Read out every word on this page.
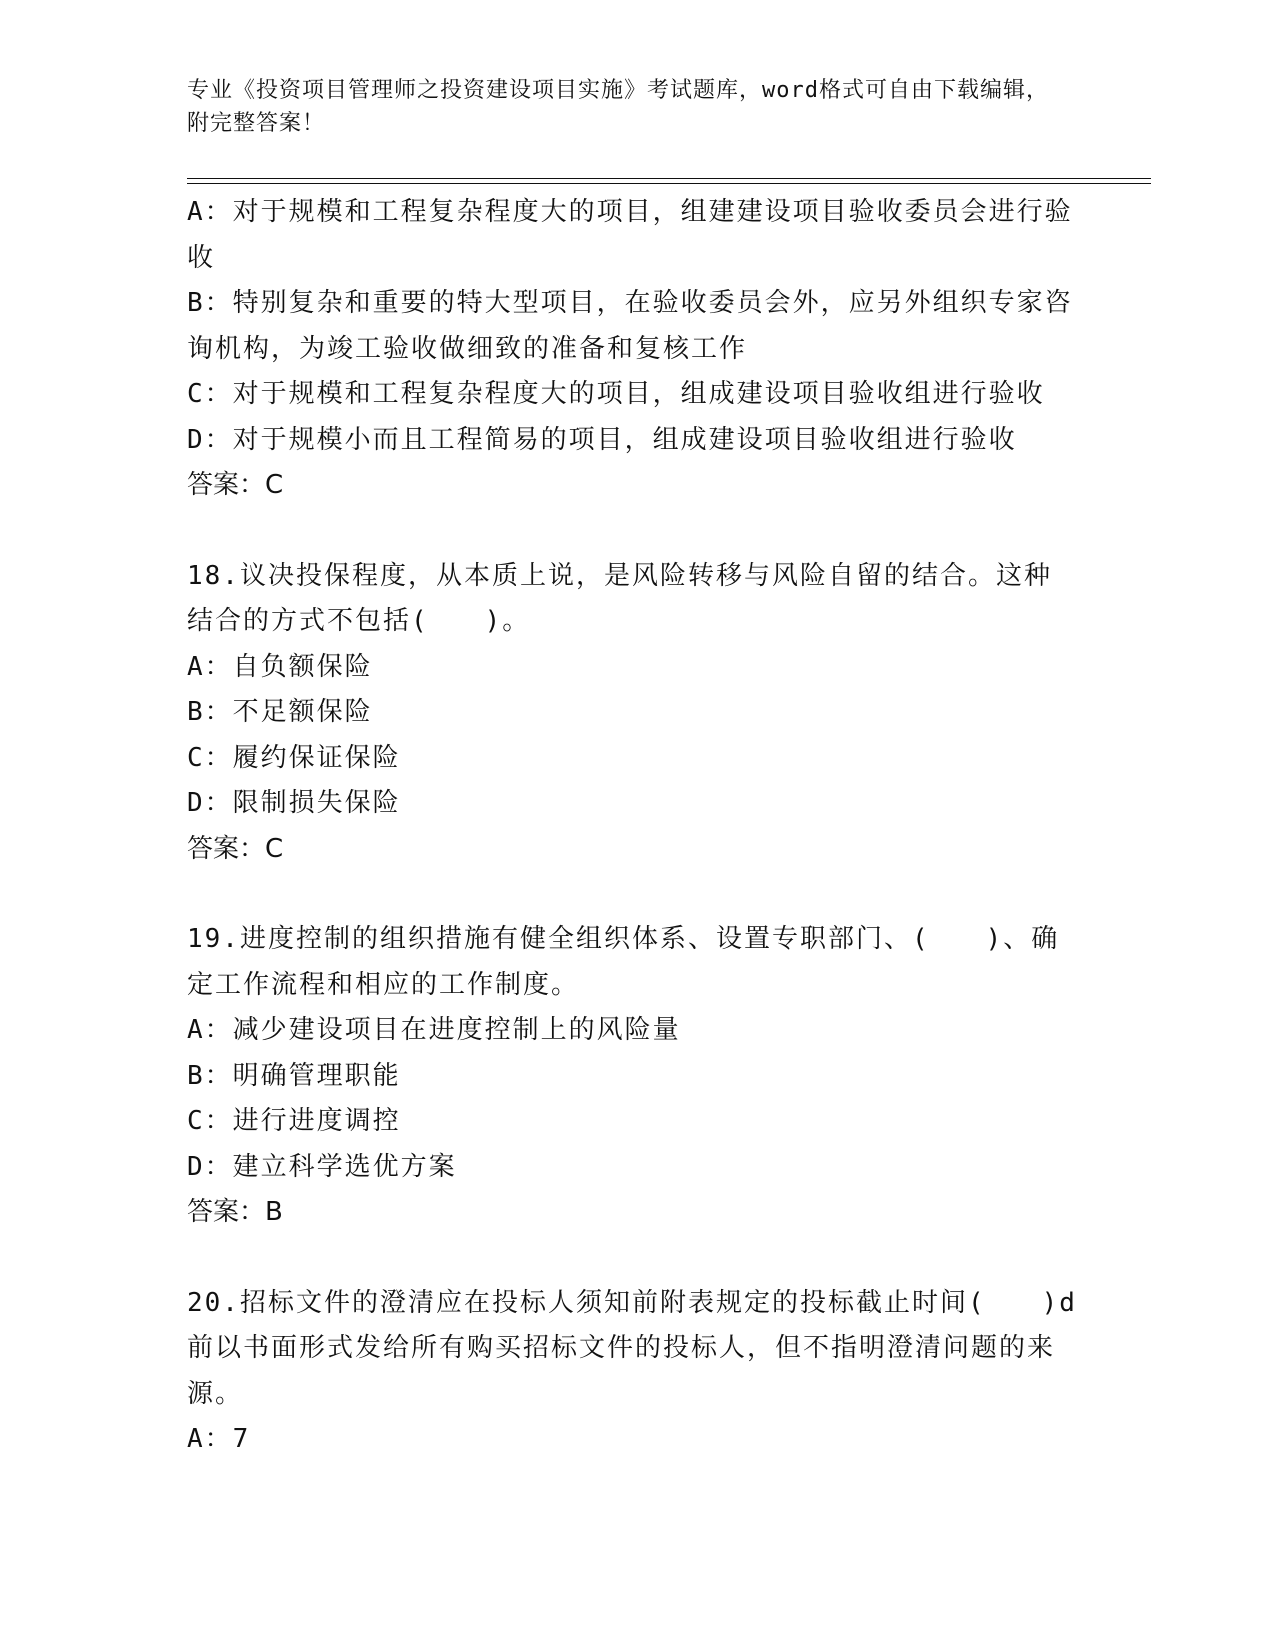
专业《投资项目管理师之投资建设项目实施》考试题库，word格式可自由下载编辑，附完整答案！

A：对于规模和工程复杂程度大的项目，组建建设项目验收委员会进行验收

B：特别复杂和重要的特大型项目，在验收委员会外，应另外组织专家咨询机构，为竣工验收做细致的准备和复核工作

C：对于规模和工程复杂程度大的项目，组成建设项目验收组进行验收

D：对于规模小而且工程简易的项目，组成建设项目验收组进行验收

答案：C

18.议决投保程度，从本质上说，是风险转移与风险自留的结合。这种结合的方式不包括(　　)。

A：自负额保险

B：不足额保险

C：履约保证保险

D：限制损失保险

答案：C

19.进度控制的组织措施有健全组织体系、设置专职部门、(　　)、确定工作流程和相应的工作制度。

A：减少建设项目在进度控制上的风险量

B：明确管理职能

C：进行进度调控

D：建立科学选优方案

答案：B

20.招标文件的澄清应在投标人须知前附表规定的投标截止时间(　　)d前以书面形式发给所有购买招标文件的投标人，但不指明澄清问题的来源。

A：7
